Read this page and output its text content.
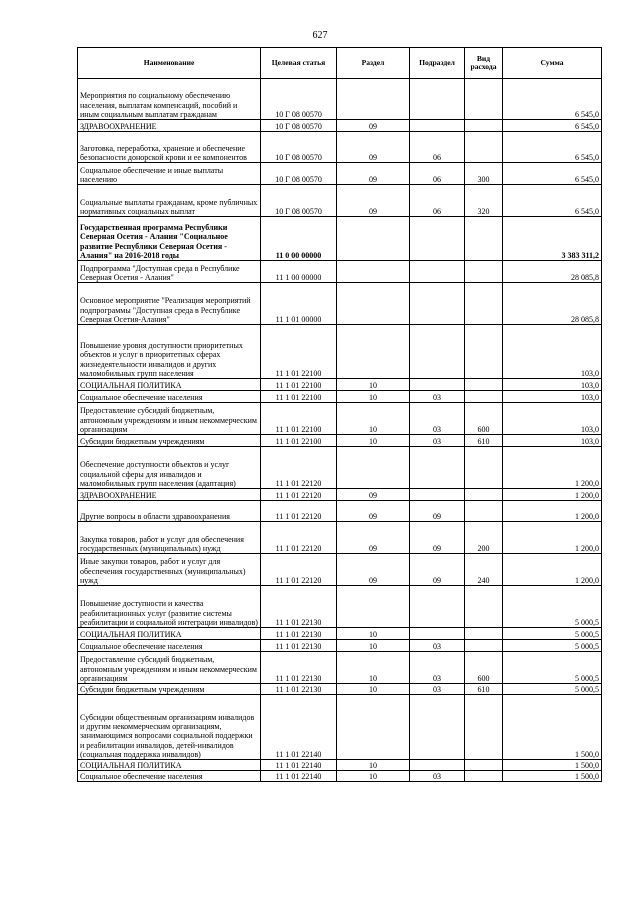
627
Наименование	Целевая статья	Раздел	Подраздел	Вид расхода	Сумма
Мероприятия по социальному обеспечению населения, выплатам компенсаций, пособий и иным социальным выплатам гражданам	10 Г 08 00570				6 545,0
ЗДРАВООХРАНЕНИЕ	10 Г 08 00570	09			6 545,0
Заготовка, переработка, хранение и обеспечение безопасности донорской крови и ее компонентов	10 Г 08 00570	09	06		6 545,0
Социальное обеспечение и иные выплаты населению	10 Г 08 00570	09	06	300	6 545,0
Социальные выплаты гражданам, кроме публичных нормативных социальных выплат	10 Г 08 00570	09	06	320	6 545,0
Государственная программа Республики Северная Осетия - Алания "Социальное развитие Республики Северная Осетия - Алания" на 2016-2018 годы	11 0 00 00000				3 383 311,2
Подпрограмма "Доступная среда в Республике Северная Осетия - Алания"	11 1 00 00000				28 085,8
Основное мероприятие "Реализация мероприятий подпрограммы "Доступная среда в Республике Северная Осетия-Алания"	11 1 01 00000				28 085,8
Повышение уровня доступности приоритетных объектов и услуг в приоритетных сферах жизнедеятельности инвалидов и других маломобильных групп населения	11 1 01 22100				103,0
СОЦИАЛЬНАЯ ПОЛИТИКА	11 1 01 22100	10			103,0
Социальное обеспечение населения	11 1 01 22100	10	03		103,0
Предоставление субсидий бюджетным, автономным учреждениям и иным некоммерческим организациям	11 1 01 22100	10	03	600	103,0
Субсидии бюджетным учреждениям	11 1 01 22100	10	03	610	103,0
Обеспечение доступности объектов и услуг социальной сферы для инвалидов и маломобильных групп населения (адаптация)	11 1 01 22120				1 200,0
ЗДРАВООХРАНЕНИЕ	11 1 01 22120	09			1 200,0
Другие вопросы в области здравоохранения	11 1 01 22120	09	09		1 200,0
Закупка товаров, работ и услуг для обеспечения государственных (муниципальных) нужд	11 1 01 22120	09	09	200	1 200,0
Иные закупки товаров, работ и услуг для обеспечения государственных (муниципальных) нужд	11 1 01 22120	09	09	240	1 200,0
Повышение доступности и качества реабилитационных услуг (развитие системы реабилитации и социальной интеграции инвалидов)	11 1 01 22130				5 000,5
СОЦИАЛЬНАЯ ПОЛИТИКА	11 1 01 22130	10			5 000,5
Социальное обеспечение населения	11 1 01 22130	10	03		5 000,5
Предоставление субсидий бюджетным, автономным учреждениям и иным некоммерческим организациям	11 1 01 22130	10	03	600	5 000,5
Субсидии бюджетным учреждениям	11 1 01 22130	10	03	610	5 000,5
Субсидии общественным организациям инвалидов и другим некоммерческим организациям, занимающимся вопросами социальной поддержки и реабилитации инвалидов, детей-инвалидов (социальная поддержка инвалидов)	11 1 01 22140				1 500,0
СОЦИАЛЬНАЯ ПОЛИТИКА	11 1 01 22140	10			1 500,0
Социальное обеспечение населения	11 1 01 22140	10	03		1 500,0
